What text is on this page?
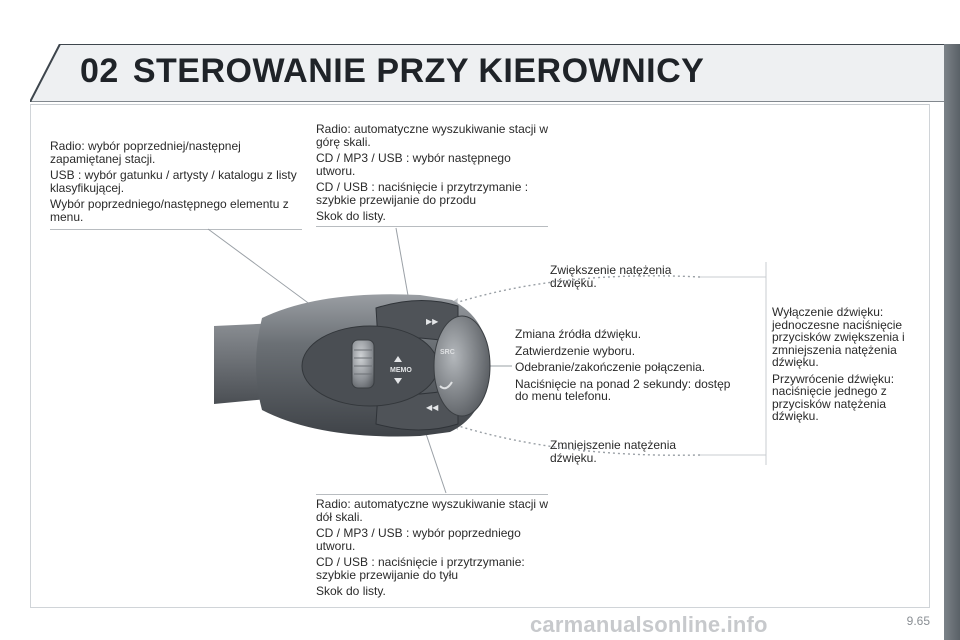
02 STEROWANIE PRZY KIEROWNICY

Radio: wybór poprzedniej/następnej zapamiętanej stacji.

USB : wybór gatunku / artysty / katalogu z listy klasyfikującej.

Wybór poprzedniego/następnego elementu z menu.

Radio: automatyczne wyszukiwanie stacji w górę skali.

CD / MP3 / USB : wybór następnego utworu.

CD / USB : naciśnięcie i przytrzymanie : szybkie przewijanie do przodu

Skok do listy.

Zwiększenie natężenia dźwięku.

Zmiana źródła dźwięku.

Zatwierdzenie wyboru.

Odebranie/zakończenie połączenia.

Naciśnięcie na ponad 2 sekundy: dostęp do menu telefonu.

Wyłączenie dźwięku: jednoczesne naciśnięcie przycisków zwiększenia i zmniejszenia natężenia dźwięku.

Przywrócenie dźwięku: naciśnięcie jednego z przycisków natężenia dźwięku.

Zmniejszenie natężenia dźwięku.

Radio: automatyczne wyszukiwanie stacji w dół skali.

CD / MP3 / USB : wybór poprzedniego utworu.

CD / USB : naciśnięcie i przytrzymanie: szybkie przewijanie do tyłu

Skok do listy.

MEMO
SRC
▶▶
◀◀
9.65
carmanualsonline.info
